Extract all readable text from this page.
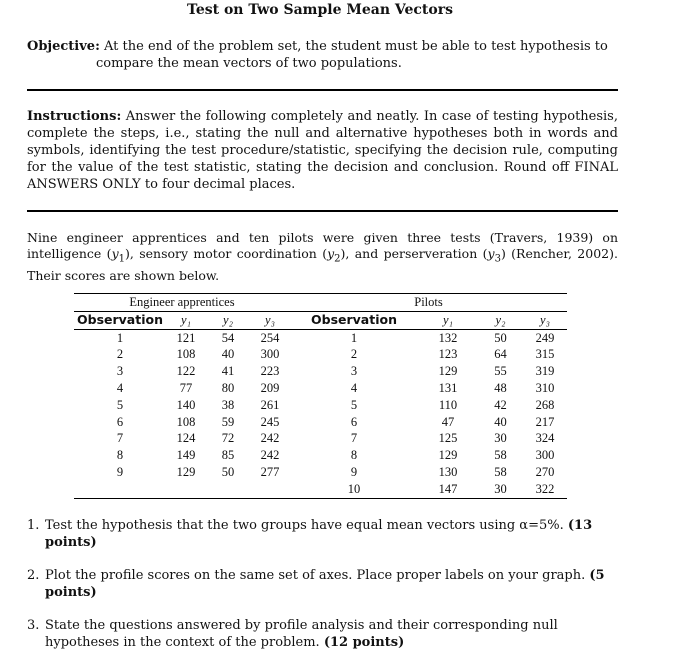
Test on Two Sample Mean Vectors
Objective: At the end of the problem set, the student must be able to test hypothesis to
compare the mean vectors of two populations.
Instructions: Answer the following completely and neatly. In case of testing hypothesis, complete the steps, i.e., stating the null and alternative hypotheses both in words and symbols, identifying the test procedure/statistic, specifying the decision rule, computing for the value of the test statistic, stating the decision and conclusion. Round off FINAL ANSWERS ONLY to four decimal places.
Nine engineer apprentices and ten pilots were given three tests (Travers, 1939) on intelligence $(y_1)$, sensory motor coordination $(y_2)$, and perserveration $(y_3)$ (Rencher, 2002). Their scores are shown below.
Engineer apprentices				Pilots			
Observation	y₁	y₂	y₃	Observation	y₁	y₂	y₃
1	121	54	254	1	132	50	249
2	108	40	300	2	123	64	315
3	122	41	223	3	129	55	319
4	77	80	209	4	131	48	310
5	140	38	261	5	110	42	268
6	108	59	245	6	47	40	217
7	124	72	242	7	125	30	324
8	149	85	242	8	129	58	300
9	129	50	277	9	130	58	270
				10	147	30	322
1. Test the hypothesis that the two groups have equal mean vectors using α=5%. (13 points)
2. Plot the profile scores on the same set of axes. Place proper labels on your graph. (5 points)
3. State the questions answered by profile analysis and their corresponding null hypotheses in the context of the problem. (12 points)
